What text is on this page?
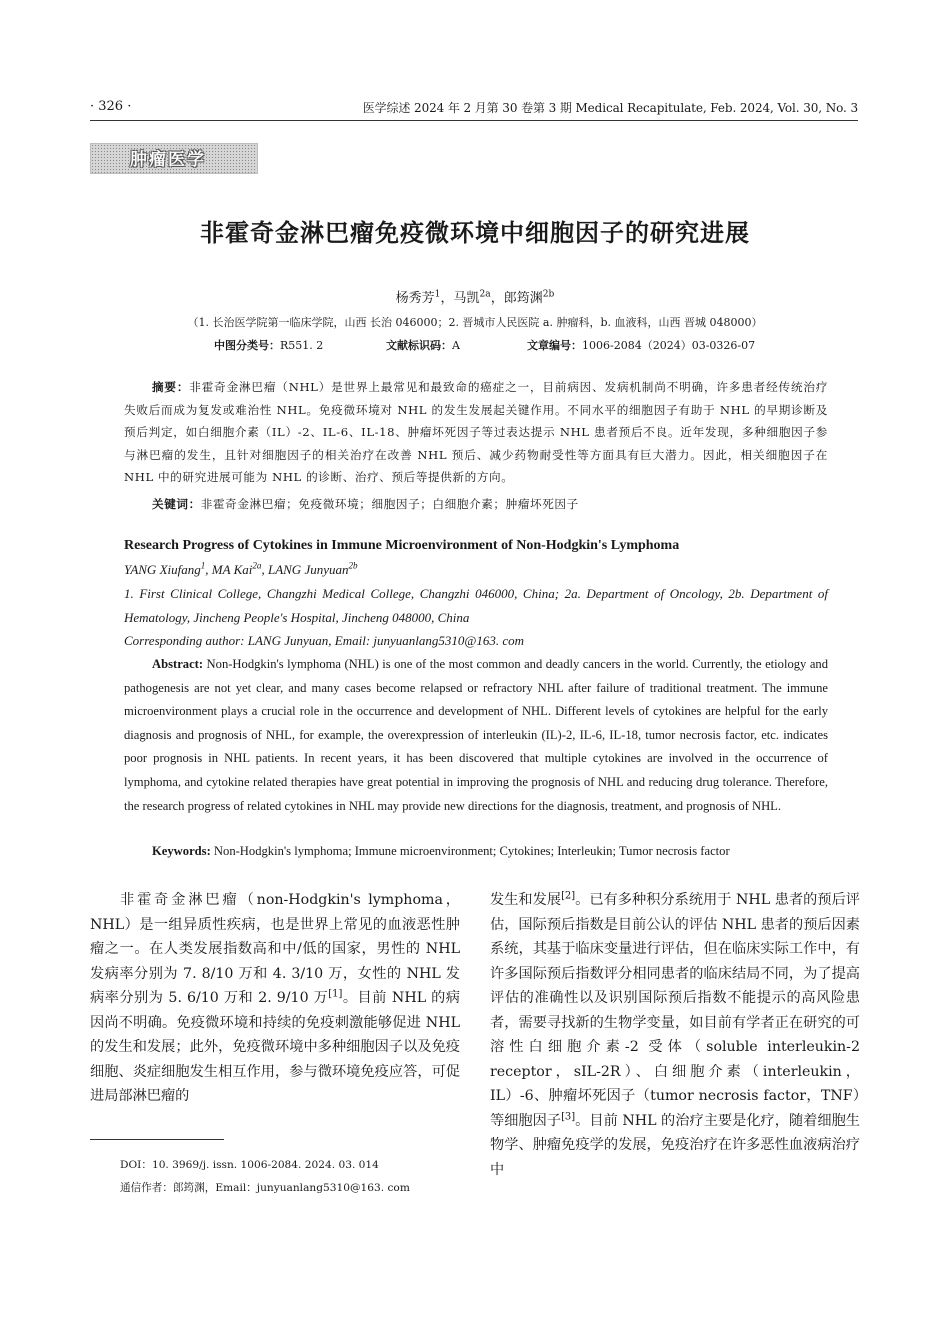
· 326 ·	医学综述 2024 年 2 月第 30 卷第 3 期 Medical Recapitulate, Feb. 2024, Vol. 30, No. 3
肿瘤医学
非霍奇金淋巴瘤免疫微环境中细胞因子的研究进展
杨秀芳$^1$，马凯$^{2a}$，郎筠渊$^{2b}$
（1. 长治医学院第一临床学院，山西 长治 046000；2. 晋城市人民医院 a. 肿瘤科，b. 血液科，山西 晋城 048000）
中图分类号：R551. 2	文献标识码：A	文章编号：1006-2084（2024）03-0326-07
摘要：非霍奇金淋巴瘤（NHL）是世界上最常见和最致命的癌症之一，目前病因、发病机制尚不明确，许多患者经传统治疗失败后而成为复发或难治性 NHL。免疫微环境对 NHL 的发生发展起关键作用。不同水平的细胞因子有助于 NHL 的早期诊断及预后判定，如白细胞介素（IL）-2、IL-6、IL-18、肿瘤坏死因子等过表达提示 NHL 患者预后不良。近年发现，多种细胞因子参与淋巴瘤的发生，且针对细胞因子的相关治疗在改善 NHL 预后、减少药物耐受性等方面具有巨大潜力。因此，相关细胞因子在 NHL 中的研究进展可能为 NHL 的诊断、治疗、预后等提供新的方向。
关键词：非霍奇金淋巴瘤；免疫微环境；细胞因子；白细胞介素；肿瘤坏死因子
Research Progress of Cytokines in Immune Microenvironment of Non-Hodgkin's Lymphoma
YANG Xiufang$^1$, MA Kai$^{2a}$, LANG Junyuan$^{2b}$
1. First Clinical College, Changzhi Medical College, Changzhi 046000, China; 2a. Department of Oncology, 2b. Department of Hematology, Jincheng People's Hospital, Jincheng 048000, China
Corresponding author: LANG Junyuan, Email: junyuanlang5310@163. com
Abstract: Non-Hodgkin's lymphoma (NHL) is one of the most common and deadly cancers in the world. Currently, the etiology and pathogenesis are not yet clear, and many cases become relapsed or refractory NHL after failure of traditional treatment. The immune microenvironment plays a crucial role in the occurrence and development of NHL. Different levels of cytokines are helpful for the early diagnosis and prognosis of NHL, for example, the overexpression of interleukin (IL)-2, IL-6, IL-18, tumor necrosis factor, etc. indicates poor prognosis in NHL patients. In recent years, it has been discovered that multiple cytokines are involved in the occurrence of lymphoma, and cytokine related therapies have great potential in improving the prognosis of NHL and reducing drug tolerance. Therefore, the research progress of related cytokines in NHL may provide new directions for the diagnosis, treatment, and prognosis of NHL.
Keywords: Non-Hodgkin's lymphoma; Immune microenvironment; Cytokines; Interleukin; Tumor necrosis factor
非霍奇金淋巴瘤（non-Hodgkin's lymphoma，NHL）是一组异质性疾病，也是世界上常见的血液恶性肿瘤之一。在人类发展指数高和中/低的国家，男性的 NHL 发病率分别为 7. 8/10 万和 4. 3/10 万，女性的 NHL 发病率分别为 5. 6/10 万和 2. 9/10 万[1]。目前 NHL 的病因尚不明确。免疫微环境和持续的免疫刺激能够促进 NHL 的发生和发展；此外，免疫微环境中多种细胞因子以及免疫细胞、炎症细胞发生相互作用，参与微环境免疫应答，可促进局部淋巴瘤的
发生和发展[2]。已有多种积分系统用于 NHL 患者的预后评估，国际预后指数是目前公认的评估 NHL 患者的预后因素系统，其基于临床变量进行评估，但在临床实际工作中，有许多国际预后指数评分相同患者的临床结局不同，为了提高评估的准确性以及识别国际预后指数不能提示的高风险患者，需要寻找新的生物学变量，如目前有学者正在研究的可溶性白细胞介素-2 受体（soluble interleukin-2 receptor，sIL-2R）、白细胞介素（interleukin，IL）-6、肿瘤坏死因子（tumor necrosis factor，TNF）等细胞因子[3]。目前 NHL 的治疗主要是化疗，随着细胞生物学、肿瘤免疫学的发展，免疫治疗在许多恶性血液病治疗中
DOI：10. 3969/j. issn. 1006-2084. 2024. 03. 014
通信作者：郎筠渊，Email：junyuanlang5310@163. com
